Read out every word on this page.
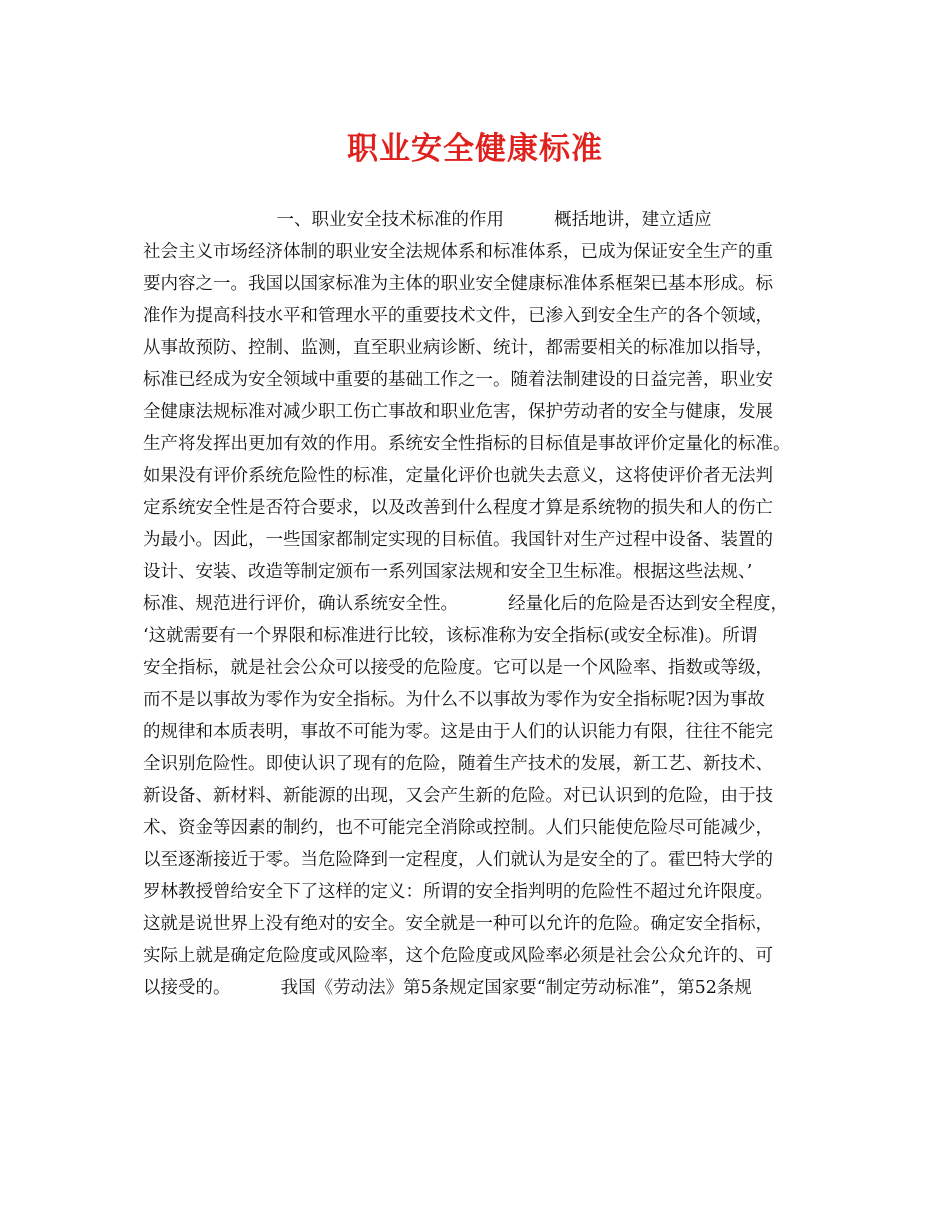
职业安全健康标准
一、职业安全技术标准的作用         概括地讲，建立适应
社会主义市场经济体制的职业安全法规体系和标准体系，已成为保证安全生产的重
要内容之一。我国以国家标准为主体的职业安全健康标准体系框架已基本形成。标
准作为提高科技水平和管理水平的重要技术文件，已渗入到安全生产的各个领域，
从事故预防、控制、监测，直至职业病诊断、统计，都需要相关的标准加以指导，
标准已经成为安全领域中重要的基础工作之一。随着法制建设的日益完善，职业安
全健康法规标准对减少职工伤亡事故和职业危害，保护劳动者的安全与健康，发展
生产将发挥出更加有效的作用。系统安全性指标的目标值是事故评价定量化的标准。
如果没有评价系统危险性的标准，定量化评价也就失去意义，这将使评价者无法判
定系统安全性是否符合要求，以及改善到什么程度才算是系统物的损失和人的伤亡
为最小。因此，一些国家都制定实现的目标值。我国针对生产过程中设备、装置的
设计、安装、改造等制定颁布一系列国家法规和安全卫生标准。根据这些法规、’
标准、规范进行评价，确认系统安全性。         经量化后的危险是否达到安全程度，
‘这就需要有一个界限和标准进行比较，该标准称为安全指标(或安全标准)。所谓
安全指标，就是社会公众可以接受的危险度。它可以是一个风险率、指数或等级，
而不是以事故为零作为安全指标。为什么不以事故为零作为安全指标呢?因为事故
的规律和本质表明，事故不可能为零。这是由于人们的认识能力有限，往往不能完
全识别危险性。即使认识了现有的危险，随着生产技术的发展，新工艺、新技术、
新设备、新材料、新能源的出现，又会产生新的危险。对已认识到的危险，由于技
术、资金等因素的制约，也不可能完全消除或控制。人们只能使危险尽可能减少，
以至逐渐接近于零。当危险降到一定程度，人们就认为是安全的了。霍巴特大学的
罗林教授曾给安全下了这样的定义：所谓的安全指判明的危险性不超过允许限度。
这就是说世界上没有绝对的安全。安全就是一种可以允许的危险。确定安全指标，
实际上就是确定危险度或风险率，这个危险度或风险率必须是社会公众允许的、可
以接受的。         我国《劳动法》第5条规定国家要“制定劳动标准”，第52条规
